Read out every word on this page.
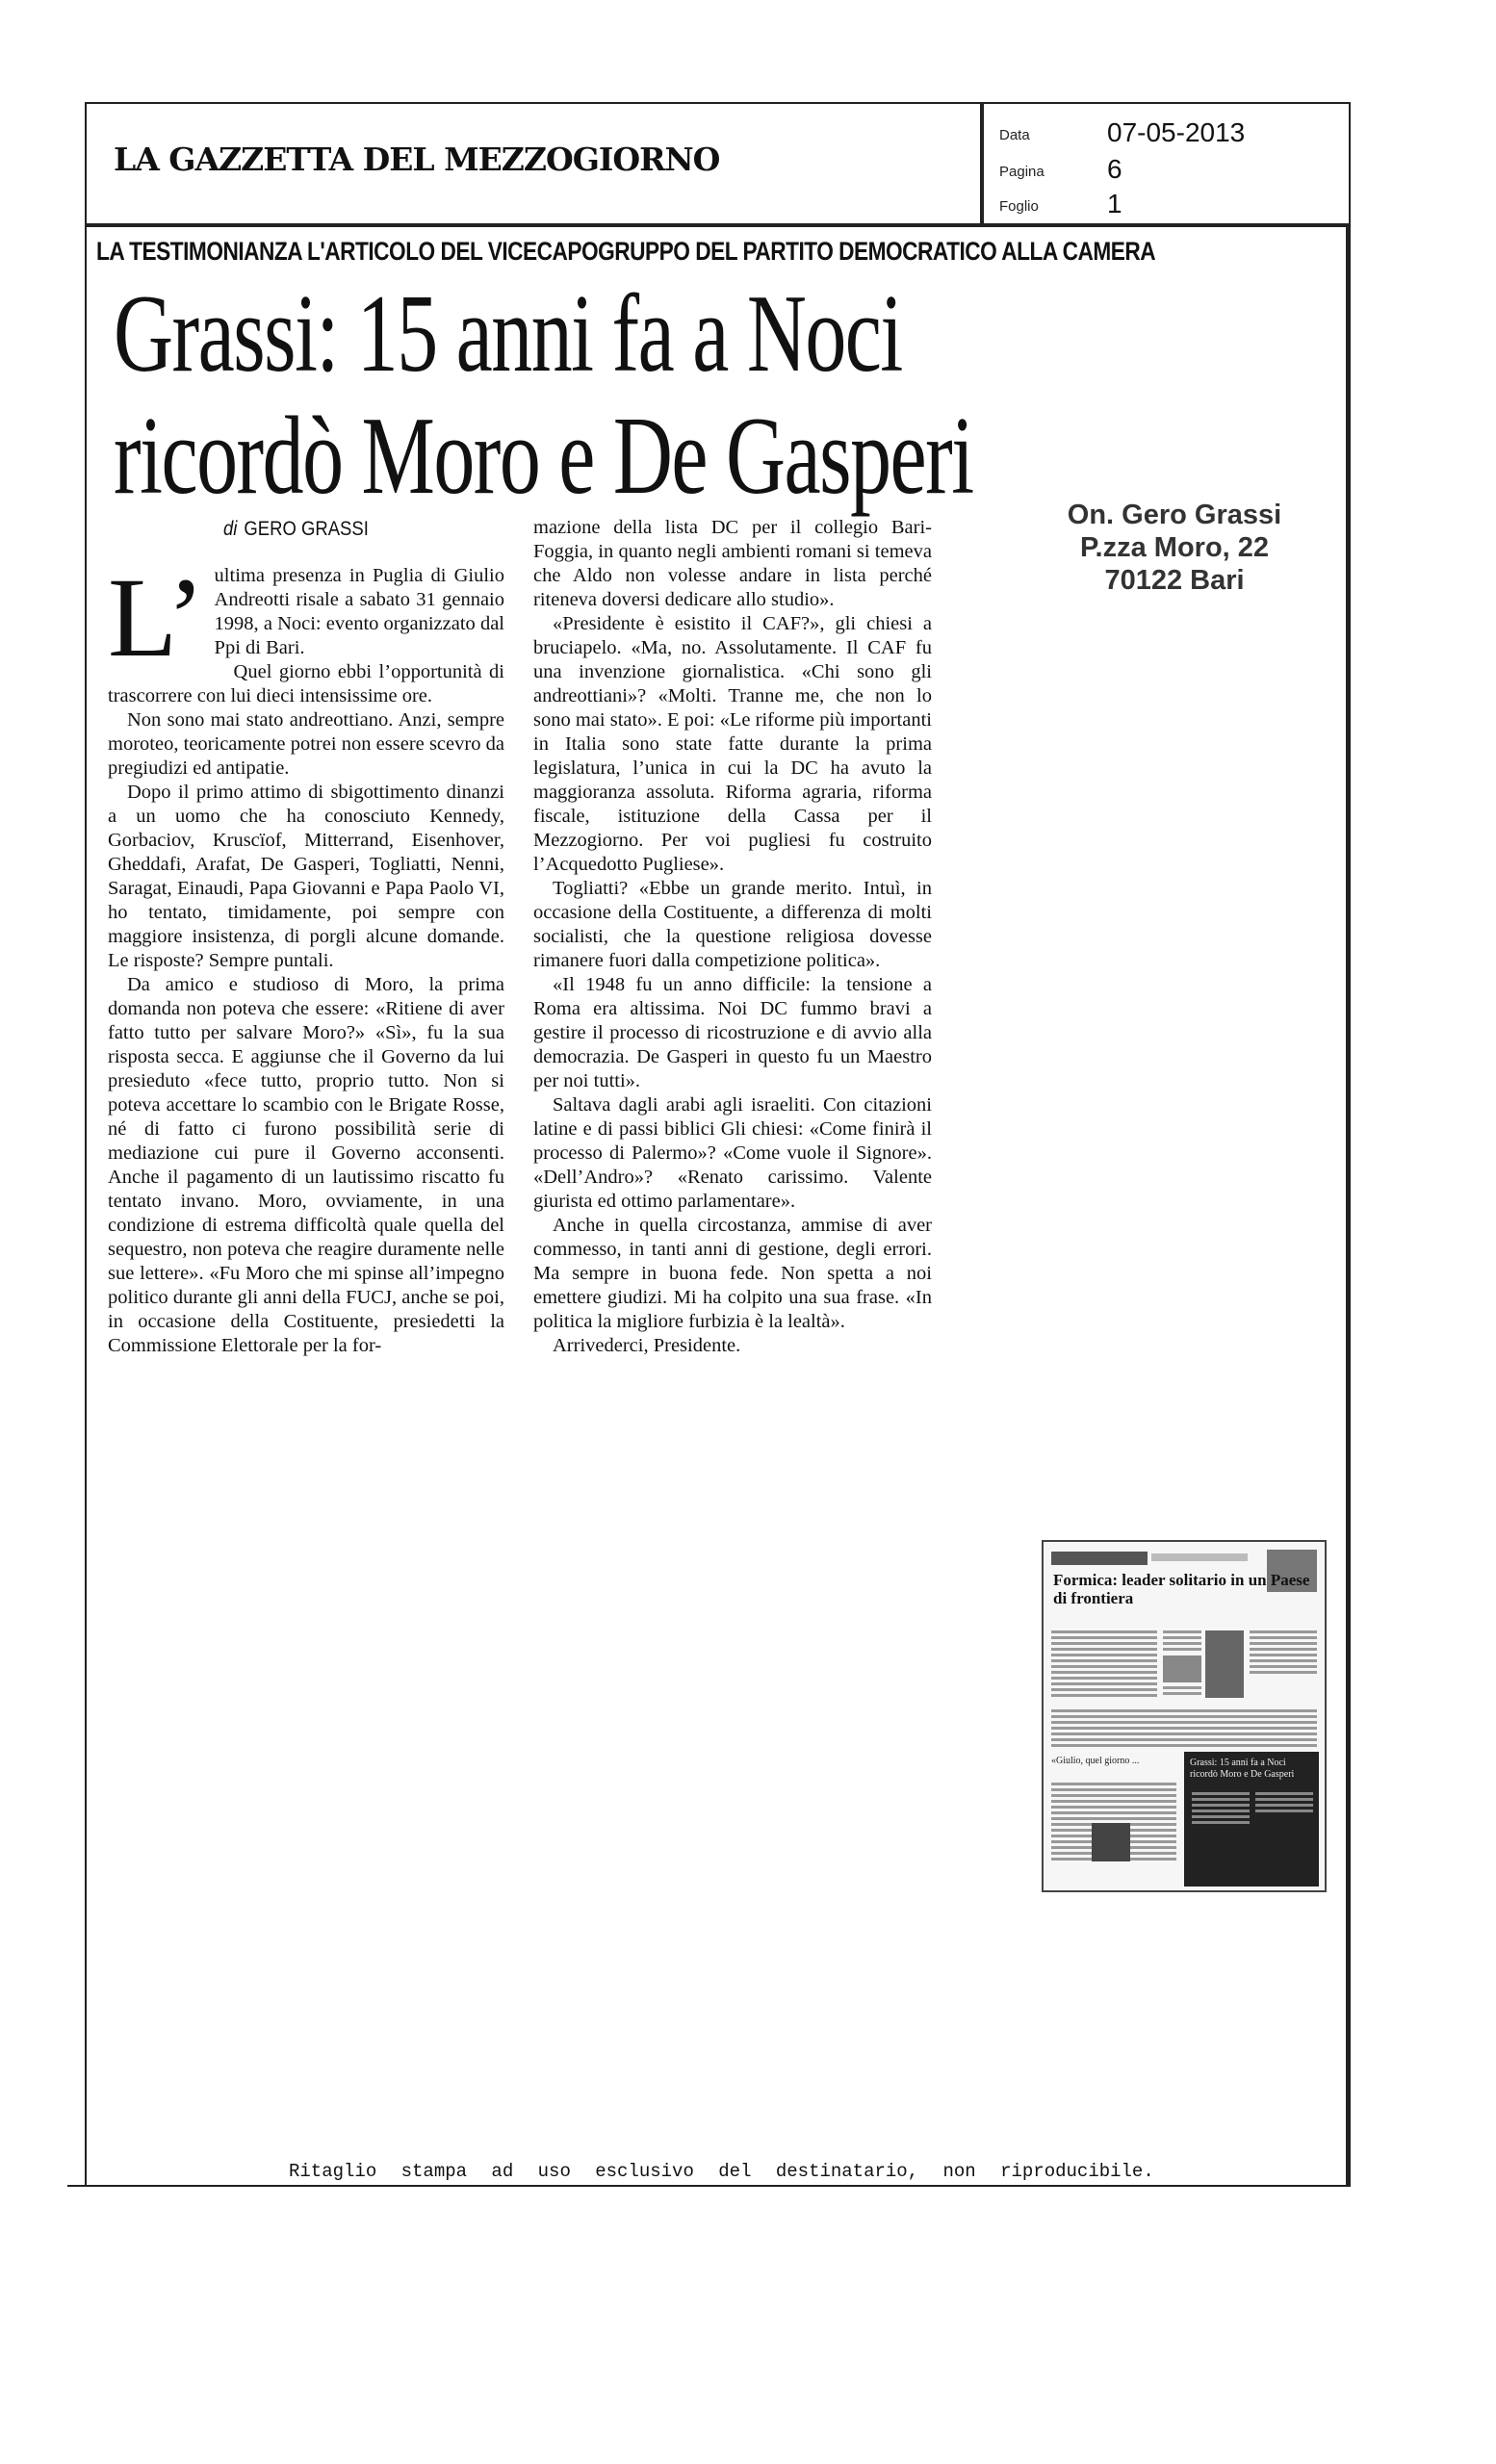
LA GAZZETTA DEL MEZZOGIORNO
Data	07-05-2013
Pagina	6
Foglio	1
LA TESTIMONIANZA L'ARTICOLO DEL VICECAPOGRUPPO DEL PARTITO DEMOCRATICO ALLA CAMERA
Grassi: 15 anni fa a Noci
ricordò Moro e De Gasperi
di GERO GRASSI
L’ ultima presenza in Puglia di Giulio Andreotti risale a sabato 31 gennaio 1998, a Noci: evento organizzato dal Ppi di Bari.

Quel giorno ebbi l’opportunità di trascorrere con lui dieci intensissime ore.

Non sono mai stato andreottiano. Anzi, sempre moroteo, teoricamente potrei non essere scevro da pregiudizi ed antipatie.

Dopo il primo attimo di sbigottimento dinanzi a un uomo che ha conosciuto Kennedy, Gorbaciov, Kruscïof, Mitterrand, Eisenhover, Gheddafi, Arafat, De Gasperi, Togliatti, Nenni, Saragat, Einaudi, Papa Giovanni e Papa Paolo VI, ho tentato, timidamente, poi sempre con maggiore insistenza, di porgli alcune domande. Le risposte? Sempre puntali.

Da amico e studioso di Moro, la prima domanda non poteva che essere: «Ritiene di aver fatto tutto per salvare Moro?» «Sì», fu la sua risposta secca. E aggiunse che il Governo da lui presieduto «fece tutto, proprio tutto. Non si poteva accettare lo scambio con le Brigate Rosse, né di fatto ci furono possibilità serie di mediazione cui pure il Governo acconsenti. Anche il pagamento di un lautissimo riscatto fu tentato invano. Moro, ovviamente, in una condizione di estrema difficoltà quale quella del sequestro, non poteva che reagire duramente nelle sue lettere». «Fu Moro che mi spinse all’impegno politico durante gli anni della FUCJ, anche se poi, in occasione della Costituente, presiedetti la Commissione Elettorale per la for-

mazione della lista DC per il collegio Bari-Foggia, in quanto negli ambienti romani si temeva che Aldo non volesse andare in lista perché riteneva doversi dedicare allo studio».

«Presidente è esistito il CAF?», gli chiesi a bruciapelo. «Ma, no. Assolutamente. Il CAF fu una invenzione giornalistica. «Chi sono gli andreottiani»? «Molti. Tranne me, che non lo sono mai stato». E poi: «Le riforme più importanti in Italia sono state fatte durante la prima legislatura, l’unica in cui la DC ha avuto la maggioranza assoluta. Riforma agraria, riforma fiscale, istituzione della Cassa per il Mezzogiorno. Per voi pugliesi fu costruito l’Acquedotto Pugliese».

Togliatti? «Ebbe un grande merito. Intuì, in occasione della Costituente, a differenza di molti socialisti, che la questione religiosa dovesse rimanere fuori dalla competizione politica».

«Il 1948 fu un anno difficile: la tensione a Roma era altissima. Noi DC fummo bravi a gestire il processo di ricostruzione e di avvio alla democrazia. De Gasperi in questo fu un Maestro per noi tutti».

Saltava dagli arabi agli israeliti. Con citazioni latine e di passi biblici Gli chiesi: «Come finirà il processo di Palermo»? «Come vuole il Signore». «Dell’Andro»? «Renato carissimo. Valente giurista ed ottimo parlamentare».

Anche in quella circostanza, ammise di aver commesso, in tanti anni di gestione, degli errori. Ma sempre in buona fede. Non spetta a noi emettere giudizi. Mi ha colpito una sua frase. «In politica la migliore furbizia è la lealtà».

Arrivederci, Presidente.

On. Gero Grassi
P.zza Moro, 22
70122 Bari
Formica: leader solitario in un Paese di frontiera
«Giulio, quel giorno ...	Grassi: 15 anni fa a Noci ricordò Moro e De Gasperi
Ritaglio stampa ad uso esclusivo del destinatario, non riproducibile.
